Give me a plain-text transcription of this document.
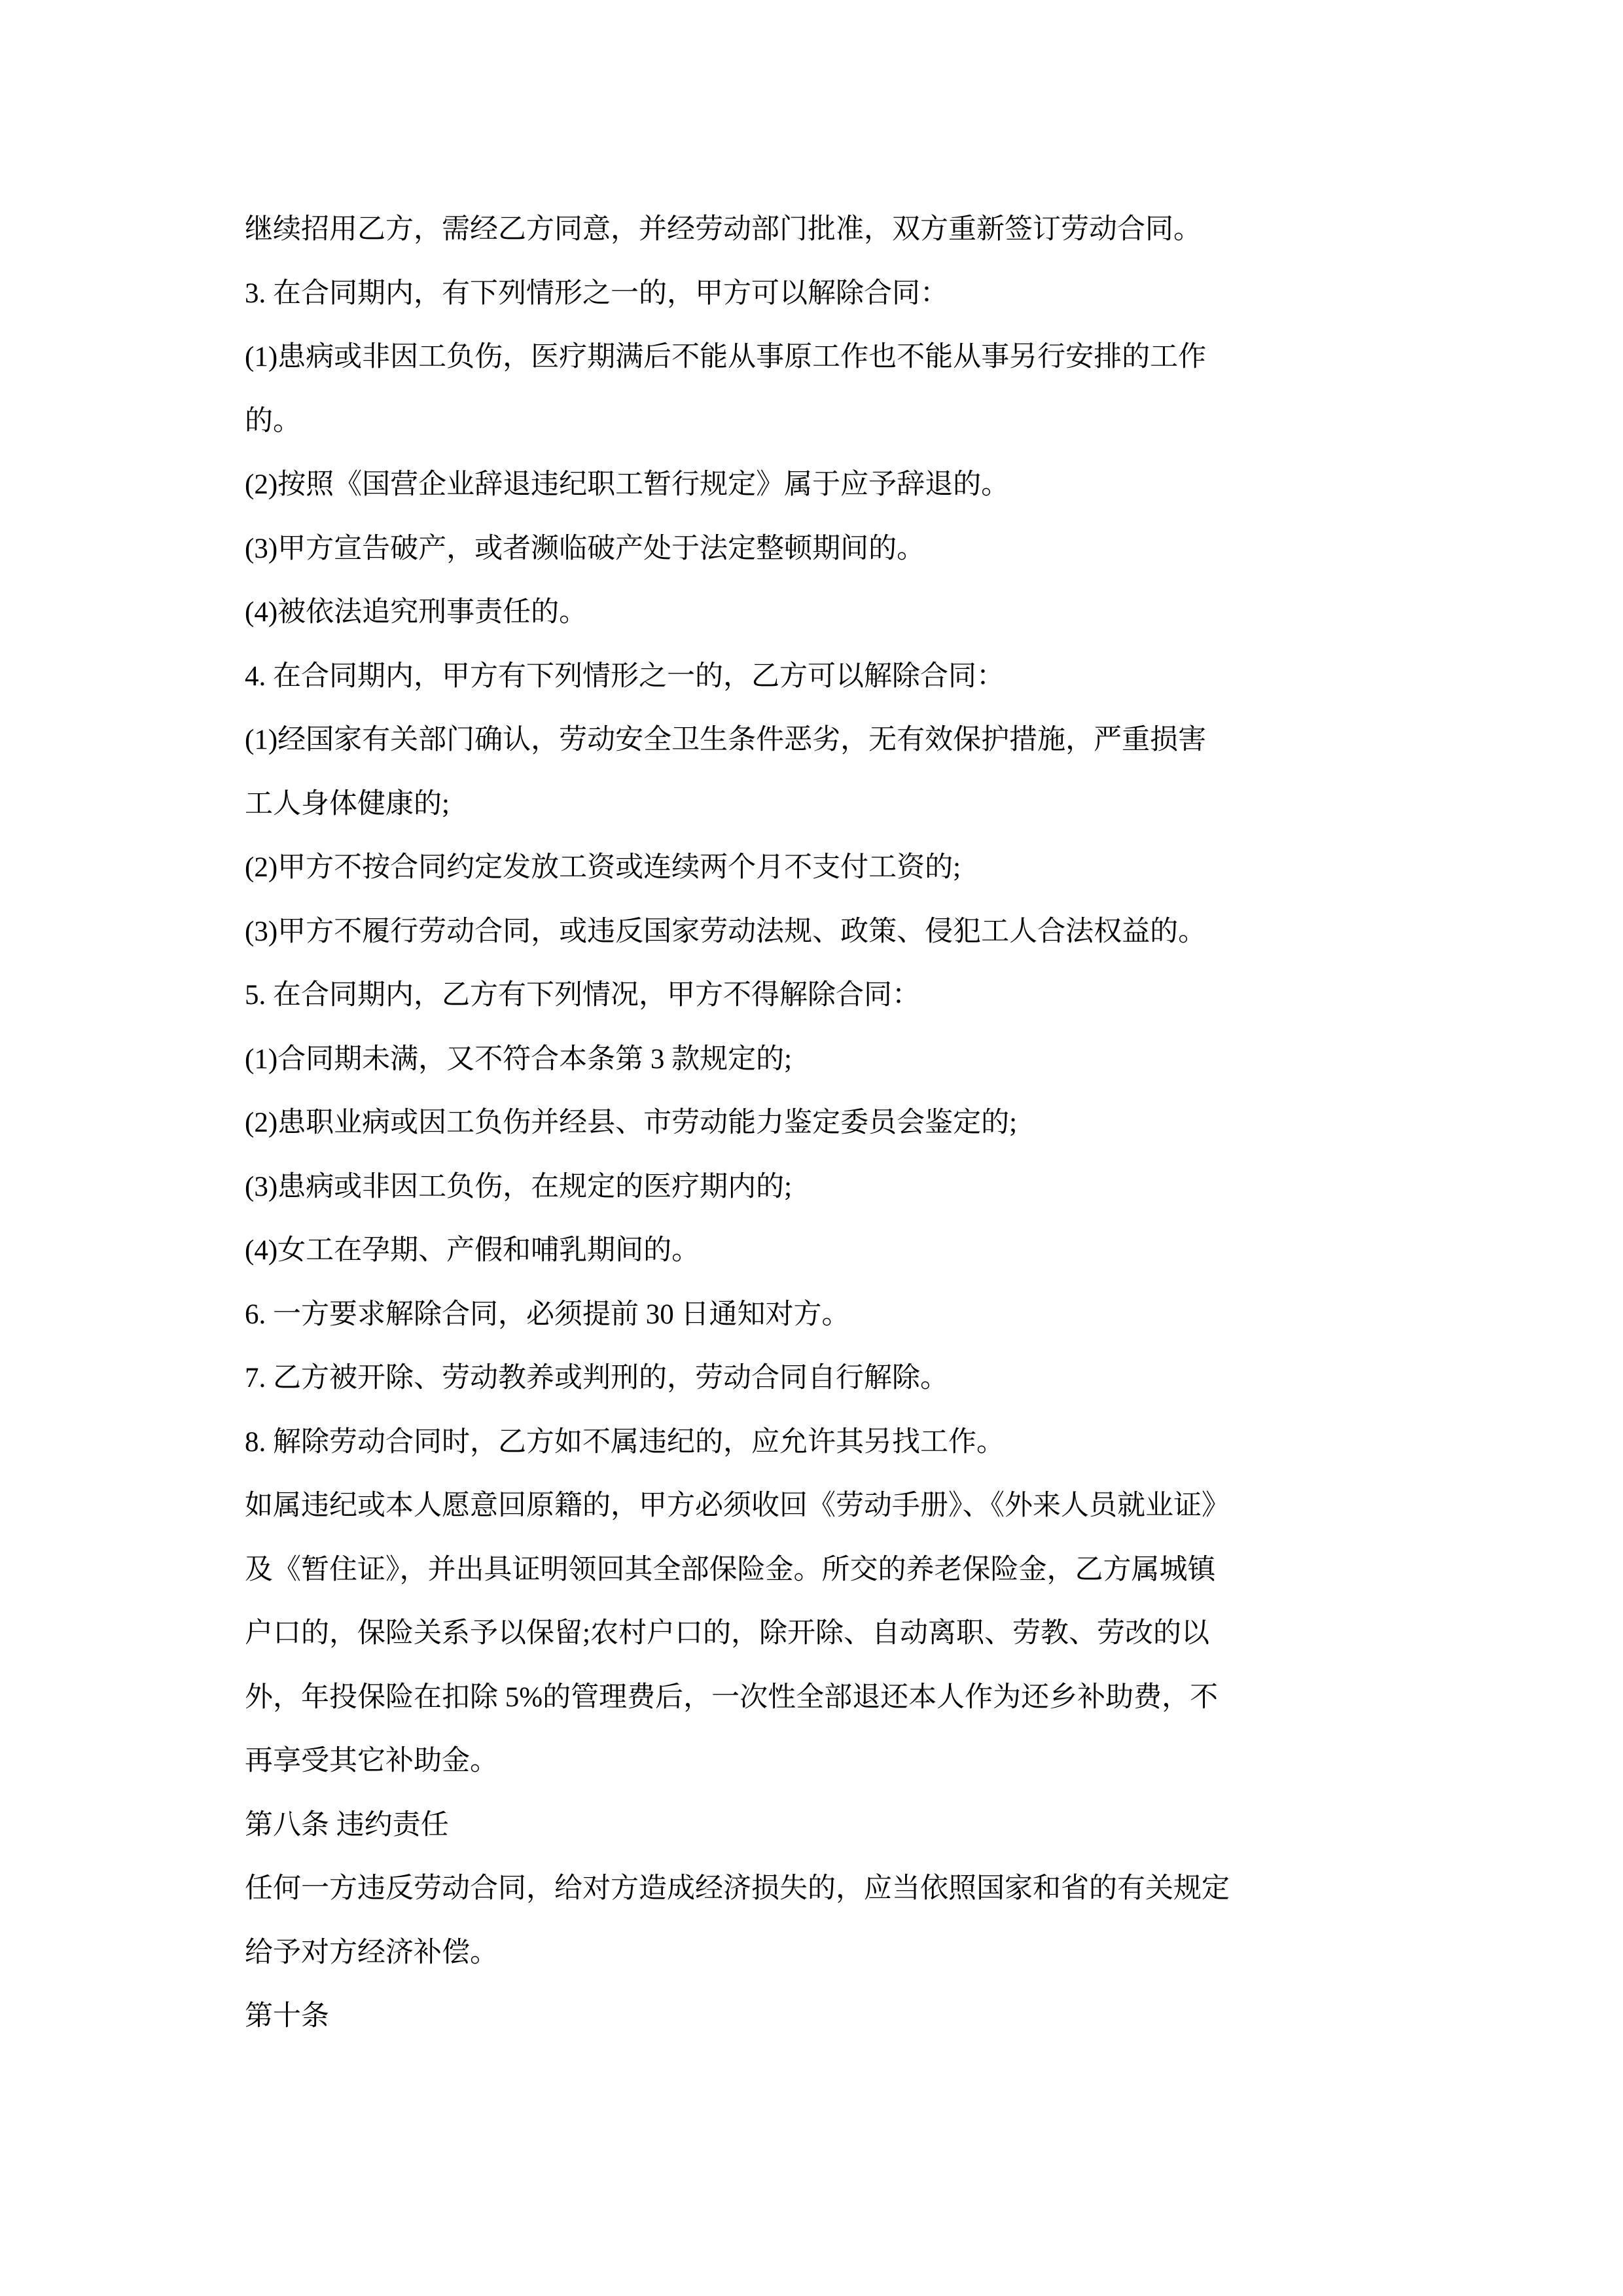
继续招用乙方，需经乙方同意，并经劳动部门批准，双方重新签订劳动合同。
3. 在合同期内，有下列情形之一的，甲方可以解除合同：
(1)患病或非因工负伤，医疗期满后不能从事原工作也不能从事另行安排的工作
的。
(2)按照《国营企业辞退违纪职工暂行规定》属于应予辞退的。
(3)甲方宣告破产，或者濒临破产处于法定整顿期间的。
(4)被依法追究刑事责任的。
4. 在合同期内，甲方有下列情形之一的，乙方可以解除合同：
(1)经国家有关部门确认，劳动安全卫生条件恶劣，无有效保护措施，严重损害
工人身体健康的;
(2)甲方不按合同约定发放工资或连续两个月不支付工资的;
(3)甲方不履行劳动合同，或违反国家劳动法规、政策、侵犯工人合法权益的。
5. 在合同期内，乙方有下列情况，甲方不得解除合同：
(1)合同期未满，又不符合本条第 3 款规定的;
(2)患职业病或因工负伤并经县、市劳动能力鉴定委员会鉴定的;
(3)患病或非因工负伤，在规定的医疗期内的;
(4)女工在孕期、产假和哺乳期间的。
6. 一方要求解除合同，必须提前 30 日通知对方。
7. 乙方被开除、劳动教养或判刑的，劳动合同自行解除。
8. 解除劳动合同时，乙方如不属违纪的，应允许其另找工作。
如属违纪或本人愿意回原籍的，甲方必须收回《劳动手册》、《外来人员就业证》
及《暂住证》，并出具证明领回其全部保险金。所交的养老保险金，乙方属城镇
户口的，保险关系予以保留;农村户口的，除开除、自动离职、劳教、劳改的以
外，年投保险在扣除 5%的管理费后，一次性全部退还本人作为还乡补助费，不
再享受其它补助金。
第八条 违约责任
任何一方违反劳动合同，给对方造成经济损失的，应当依照国家和省的有关规定
给予对方经济补偿。
第十条
